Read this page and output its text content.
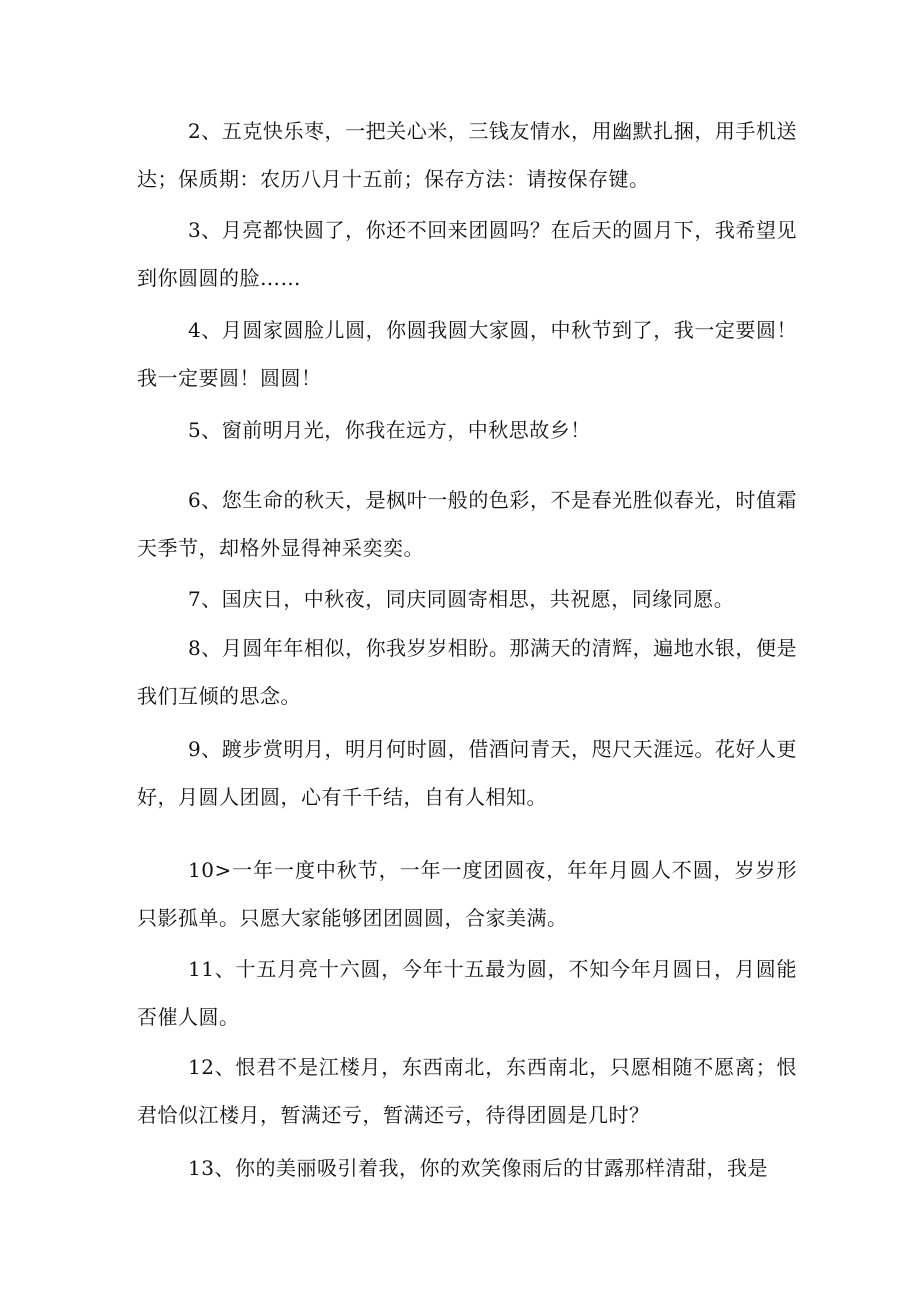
2、五克快乐枣，一把关心米，三钱友情水，用幽默扎捆，用手机送达；保质期：农历八月十五前；保存方法：请按保存键。

3、月亮都快圆了，你还不回来团圆吗？在后天的圆月下，我希望见到你圆圆的脸……

4、月圆家圆脸儿圆，你圆我圆大家圆，中秋节到了，我一定要圆！我一定要圆！圆圆！

5、窗前明月光，你我在远方，中秋思故乡！

6、您生命的秋天，是枫叶一般的色彩，不是春光胜似春光，时值霜天季节，却格外显得神采奕奕。

7、国庆日，中秋夜，同庆同圆寄相思，共祝愿，同缘同愿。

8、月圆年年相似，你我岁岁相盼。那满天的清辉，遍地水银，便是我们互倾的思念。

9、踱步赏明月，明月何时圆，借酒问青天，咫尺天涯远。花好人更好，月圆人团圆，心有千千结，自有人相知。

10>一年一度中秋节，一年一度团圆夜，年年月圆人不圆，岁岁形只影孤单。只愿大家能够团团圆圆，合家美满。

11、十五月亮十六圆，今年十五最为圆，不知今年月圆日，月圆能否催人圆。

12、恨君不是江楼月，东西南北，东西南北，只愿相随不愿离；恨君恰似江楼月，暂满还亏，暂满还亏，待得团圆是几时？

13、你的美丽吸引着我，你的欢笑像雨后的甘露那样清甜，我是
